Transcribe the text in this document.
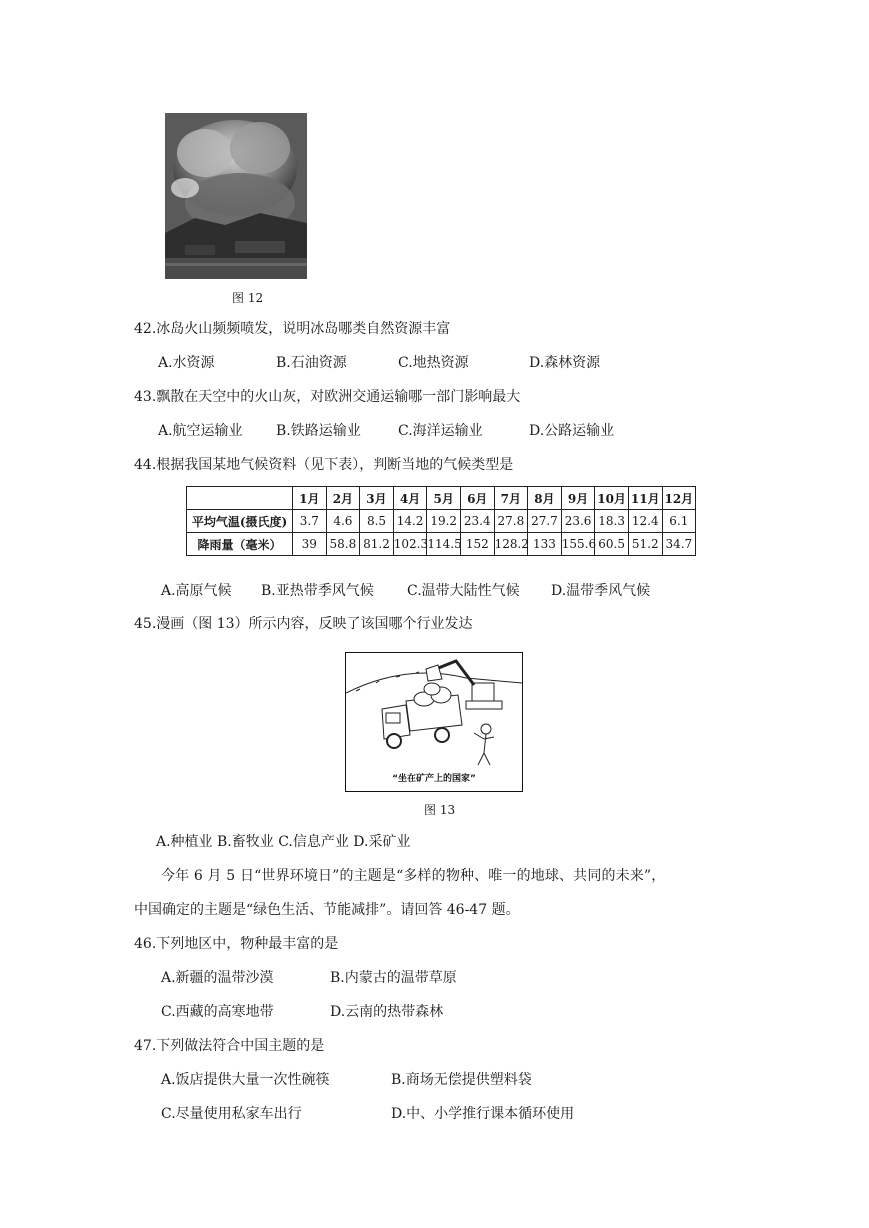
图 12
42.冰岛火山频频喷发，说明冰岛哪类自然资源丰富
A.水资源	B.石油资源	C.地热资源	D.森林资源
43.飘散在天空中的火山灰，对欧洲交通运输哪一部门影响最大
A.航空运输业 B.铁路运输业	C.海洋运输业	D.公路运输业
44.根据我国某地气候资料（见下表），判断当地的气候类型是
	1月	2月	3月	4月	5月	6月	7月	8月	9月	10月	11月	12月
平均气温(摄氏度)	3.7	4.6	8.5	14.2	19.2	23.4	27.8	27.7	23.6	18.3	12.4	6.1
降雨量（毫米）	39	58.8	81.2	102.3	114.5	152	128.2	133	155.6	60.5	51.2	34.7
A.高原气候 B.亚热带季风气候 C.温带大陆性气候 D.温带季风气候
45.漫画（图 13）所示内容，反映了该国哪个行业发达
“坐在矿产上的国家”
图 13
A.种植业 B.畜牧业 C.信息产业 D.采矿业
今年 6 月 5 日“世界环境日”的主题是“多样的物种、唯一的地球、共同的未来”，
中国确定的主题是“绿色生活、节能减排”。请回答 46-47 题。
46.下列地区中，物种最丰富的是
A.新疆的温带沙漠	B.内蒙古的温带草原
C.西藏的高寒地带	D.云南的热带森林
47.下列做法符合中国主题的是
A.饭店提供大量一次性碗筷	B.商场无偿提供塑料袋
C.尽量使用私家车出行	D.中、小学推行课本循环使用
